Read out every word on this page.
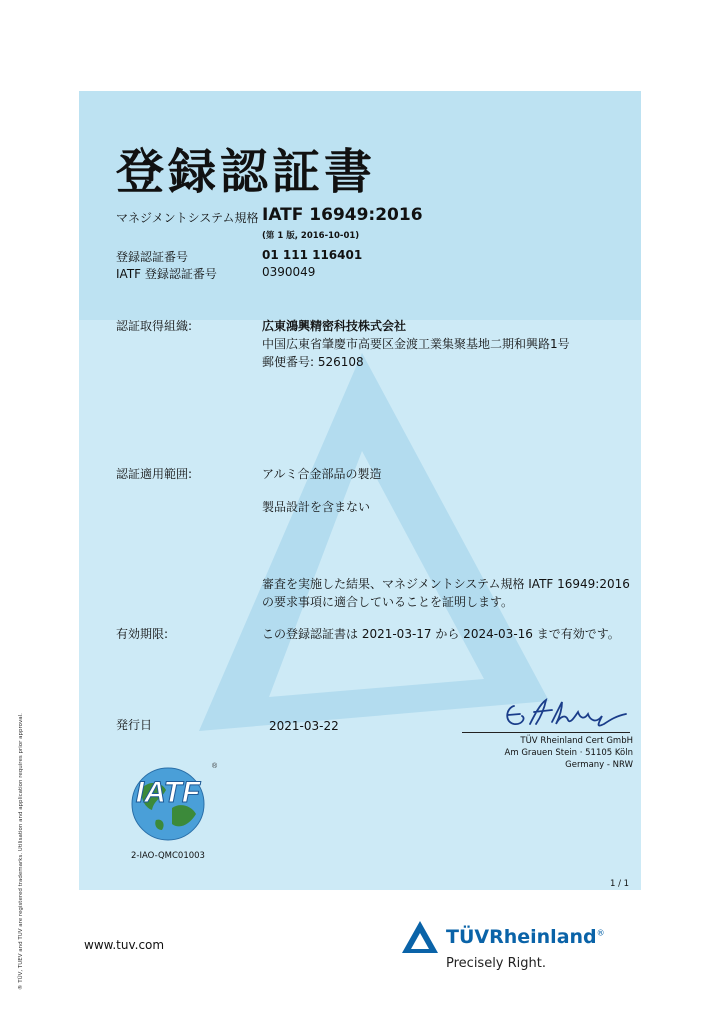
® TÜV, TUEV and TUV are registered trademarks. Utilisation and application requires prior approval.
登録認証書
マネジメントシステム規格 IATF 16949:2016
(第 1 版, 2016-10-01)
登録認証番号	01 111 116401
IATF 登録認証番号	0390049
認証取得組織:	広東鴻興精密科技株式会社
中国広東省肇慶市高要区金渡工業集聚基地二期和興路1号
郵便番号: 526108
認証適用範囲:	アルミ合金部品の製造
製品設計を含まない
審査を実施した結果、マネジメントシステム規格 IATF 16949:2016
の要求事項に適合していることを証明します。
有効期限:	この登録認証書は 2021-03-17 から 2024-03-16 まで有効です。
発行日	2021-03-22
TÜV Rheinland Cert GmbH
Am Grauen Stein · 51105 Köln
Germany - NRW
IATF
®
2-IAO-QMC01003
1 / 1
www.tuv.com	TÜVRheinland®
Precisely Right.
